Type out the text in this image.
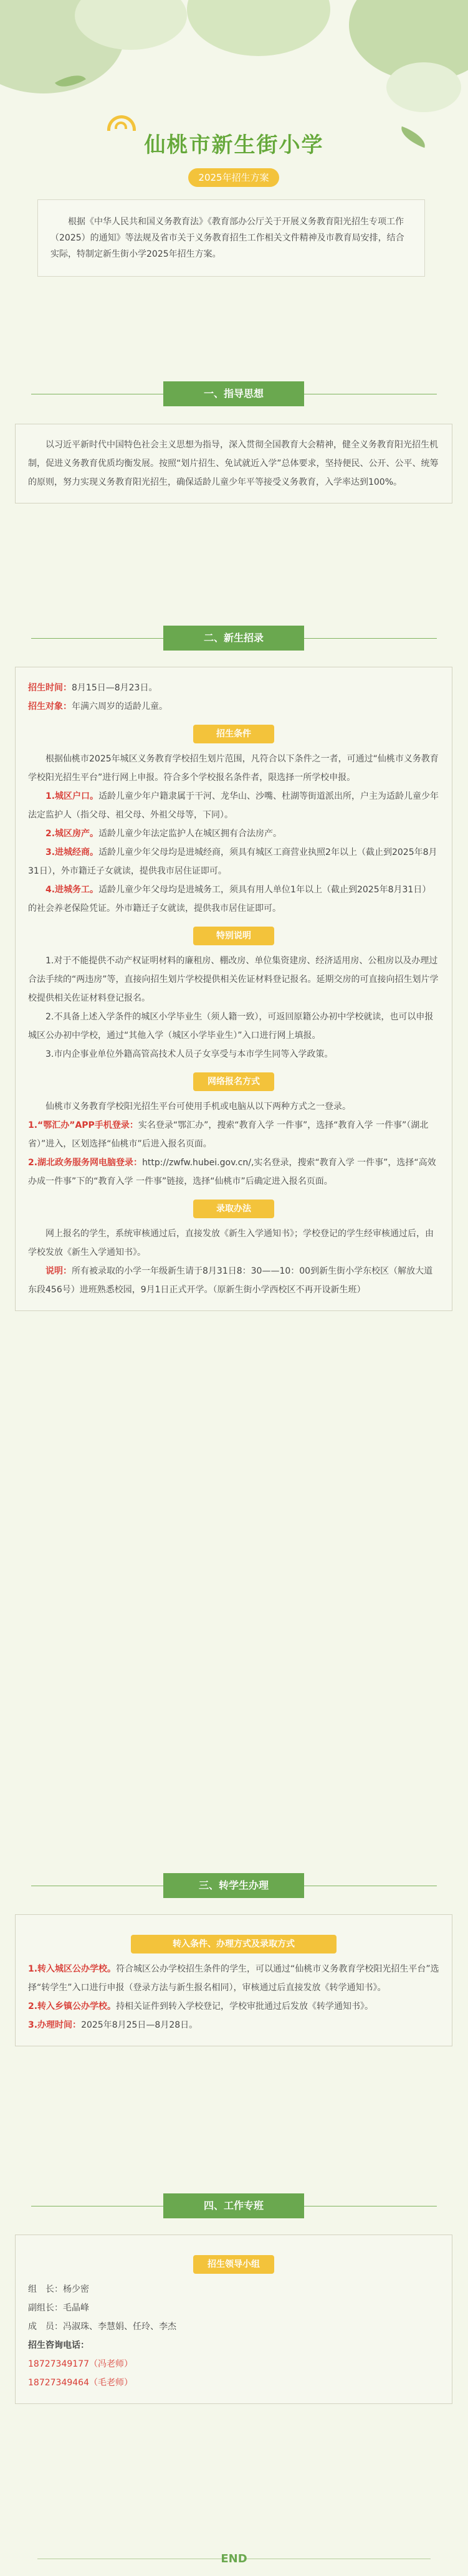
仙桃市新生街小学
2025年招生方案
根据《中华人民共和国义务教育法》《教育部办公厅关于开展义务教育阳光招生专项工作（2025）的通知》等法规及省市关于义务教育招生工作相关文件精神及市教育局安排，结合实际，特制定新生街小学2025年招生方案。
一、指导思想

以习近平新时代中国特色社会主义思想为指导，深入贯彻全国教育大会精神，健全义务教育阳光招生机制，促进义务教育优质均衡发展。按照“划片招生、免试就近入学”总体要求，坚持便民、公开、公平、统筹的原则，努力实现义务教育阳光招生，确保适龄儿童少年平等接受义务教育，入学率达到100%。

二、新生招录

招生时间：8月15日—8月23日。

招生对象：年满六周岁的适龄儿童。

招生条件

根据仙桃市2025年城区义务教育学校招生划片范围，凡符合以下条件之一者，可通过“仙桃市义务教育学校阳光招生平台”进行网上申报。符合多个学校报名条件者，限选择一所学校申报。

1.城区户口。适龄儿童少年户籍隶属于干河、龙华山、沙嘴、杜湖等街道派出所，户主为适龄儿童少年法定监护人（指父母、祖父母、外祖父母等，下同）。

2.城区房产。适龄儿童少年法定监护人在城区拥有合法房产。

3.进城经商。适龄儿童少年父母均是进城经商，须具有城区工商营业执照2年以上（截止到2025年8月31日），外市籍迁子女就读，提供我市居住证即可。

4.进城务工。适龄儿童少年父母均是进城务工，须具有用人单位1年以上（截止到2025年8月31日）的社会养老保险凭证。外市籍迁子女就读，提供我市居住证即可。

特别说明

1.对于不能提供不动产权证明材料的廉租房、棚改房、单位集资建房、经济适用房、公租房以及办理过合法手续的“两违房”等，直接向招生划片学校提供相关佐证材料登记报名。延期交房的可直接向招生划片学校提供相关佐证材料登记报名。

2.不具备上述入学条件的城区小学毕业生（须人籍一致），可返回原籍公办初中学校就读，也可以申报城区公办初中学校，通过“其他入学（城区小学毕业生）”入口进行网上填报。

3.市内企事业单位外籍高管高技术人员子女享受与本市学生同等入学政策。

网络报名方式

仙桃市义务教育学校阳光招生平台可使用手机或电脑从以下两种方式之一登录。

1.“鄂汇办”APP手机登录：实名登录“鄂汇办”，搜索“教育入学 一件事”，选择“教育入学 一件事”（湖北省）”进入，区划选择“仙桃市”后进入报名页面。

2.湖北政务服务网电脑登录：http://zwfw.hubei.gov.cn/,实名登录，搜索“教育入学 一件事”，选择“高效办成一件事”下的“教育入学 一件事”链接，选择“仙桃市”后确定进入报名页面。

录取办法

网上报名的学生，系统审核通过后，直接发放《新生入学通知书》；学校登记的学生经审核通过后，由学校发放《新生入学通知书》。

说明：所有被录取的小学一年级新生请于8月31日8：30——10：00到新生街小学东校区（解放大道东段456号）进班熟悉校园，9月1日正式开学。（原新生街小学西校区不再开设新生班）

三、转学生办理
转入条件、办理方式及录取方式

1.转入城区公办学校。符合城区公办学校招生条件的学生，可以通过“仙桃市义务教育学校阳光招生平台”选择“转学生”入口进行申报（登录方法与新生报名相同），审核通过后直接发放《转学通知书》。

2.转入乡镇公办学校。持相关证件到转入学校登记，学校审批通过后发放《转学通知书》。

3.办理时间：2025年8月25日—8月28日。

四、工作专班
招生领导小组

组　长：杨少密

副组长：毛晶峰

成　员：冯淑珠、李慧娟、任玲、李杰

招生咨询电话：

18727349177（冯老师）

18727349464（毛老师）

END
